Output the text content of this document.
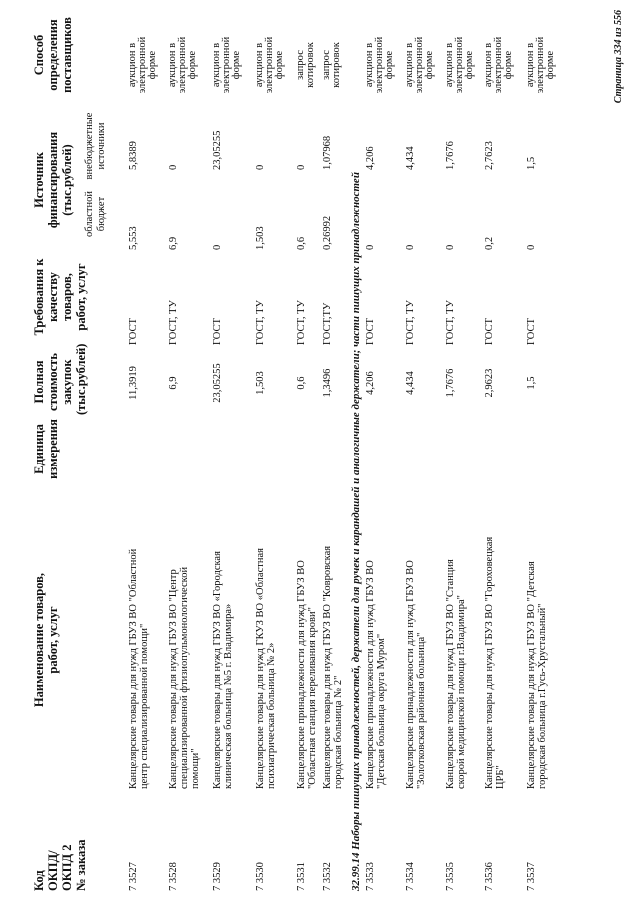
Код
ОКПД/
ОКПД 2
№ заказа
Наименование товаров,
работ, услуг
Единица
измерения
Полная
стоимость
закупок
(тыс.рублей)
Требования к
качеству товаров,
работ, услуг
Источник
финансирования
(тыс.рублей) областной
бюджет
внебюджетные
источники
Способ
определения
поставщиков
7 3527
Канцелярские товары для нужд ГБУЗ ВО "Областной центр специализированной помощи"
11,3919
ГОСТ
5,553
5,8389
аукцион в
электронной
форме
7 3528
Канцелярские товары для нужд ГБУЗ ВО "Центр специализированной фтизиопульмонологической помощи"
6,9
ГОСТ, ТУ
6,9
0
аукцион в
электронной
форме
7 3529
Канцелярские товары для нужд ГБУЗ ВО «Городская клиническая больница №5 г. Владимира»
23,05255
ГОСТ
0
23,05255
аукцион в
электронной
форме
7 3530
Канцелярские товары для нужд ГКУЗ ВО «Областная психиатрическая больница № 2»
1,503
ГОСТ, ТУ
1,503
0
аукцион в
электронной
форме
7 3531
Канцелярские принадлежности для нужд ГБУЗ ВО "Областная станция переливания крови"
0,6
ГОСТ, ТУ
0,6
0
запрос
котировок
7 3532
Канцелярские товары для нужд ГБУЗ ВО "Ковровская городская больница № 2"
1,3496
ГОСТ,ТУ
0,26992
1,07968
запрос
котировок
32.99.14 Наборы пишущих принадлежностей, держатели для ручек и карандашей и аналогичные держатели; части пишущих принадлежностей
7 3533
Канцелярские принадлежности для нужд ГБУЗ ВО "Детская больница округа Муром"
4,206
ГОСТ
0
4,206
аукцион в
электронной
форме
7 3534
Канцелярские принадлежности для нужд ГБУЗ ВО "Золотковская районная больница"
4,434
ГОСТ, ТУ
0
4,434
аукцион в
электронной
форме
7 3535
Канцелярские товары для нужд ГБУЗ ВО "Станция скорой медицинской помощи г.Владимира"
1,7676
ГОСТ, ТУ
0
1,7676
аукцион в
электронной
форме
7 3536
Канцелярские товары для нужд ГБУЗ ВО "Гороховецкая ЦРБ"
2,9623
ГОСТ
0,2
2,7623
аукцион в
электронной
форме
7 3537
Канцелярские товары для нужд ГБУЗ ВО "Детская городская больница г.Гусь-Хрустальный"
1,5
ГОСТ
0
1,5
аукцион в
электронной
форме	Страница 334 из 556
